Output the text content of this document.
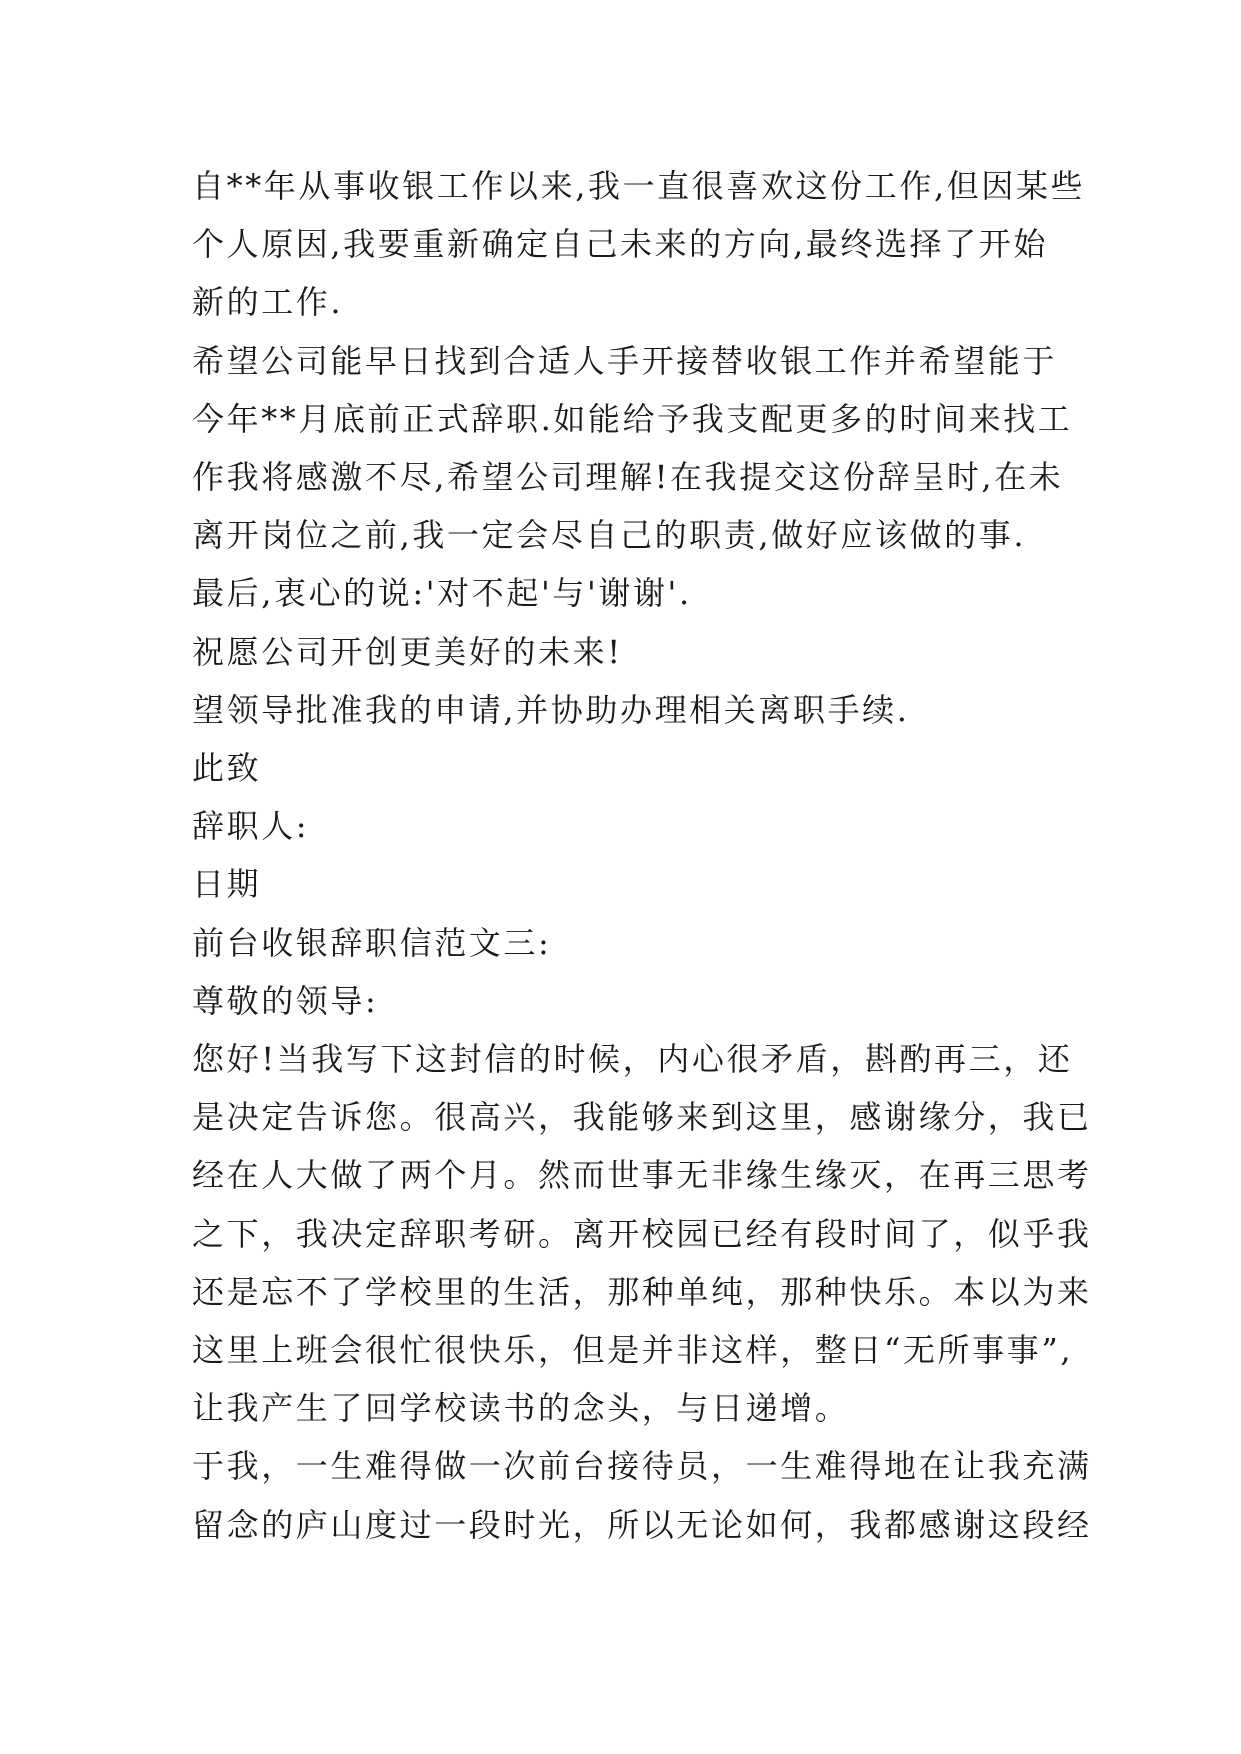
自**年从事收银工作以来,我一直很喜欢这份工作,但因某些
个人原因,我要重新确定自己未来的方向,最终选择了开始
新的工作.

希望公司能早日找到合适人手开接替收银工作并希望能于
今年**月底前正式辞职.如能给予我支配更多的时间来找工
作我将感激不尽,希望公司理解!在我提交这份辞呈时,在未
离开岗位之前,我一定会尽自己的职责,做好应该做的事.

最后,衷心的说:'对不起'与'谢谢'.

祝愿公司开创更美好的未来!

望领导批准我的申请,并协助办理相关离职手续.

此致

辞职人:

日期

前台收银辞职信范文三:

尊敬的领导:

您好!当我写下这封信的时候，内心很矛盾，斟酌再三，还
是决定告诉您。很高兴，我能够来到这里，感谢缘分，我已
经在人大做了两个月。然而世事无非缘生缘灭，在再三思考
之下，我决定辞职考研。离开校园已经有段时间了，似乎我
还是忘不了学校里的生活，那种单纯，那种快乐。本以为来
这里上班会很忙很快乐，但是并非这样，整日“无所事事”,
让我产生了回学校读书的念头，与日递增。

于我，一生难得做一次前台接待员，一生难得地在让我充满
留念的庐山度过一段时光，所以无论如何，我都感谢这段经
